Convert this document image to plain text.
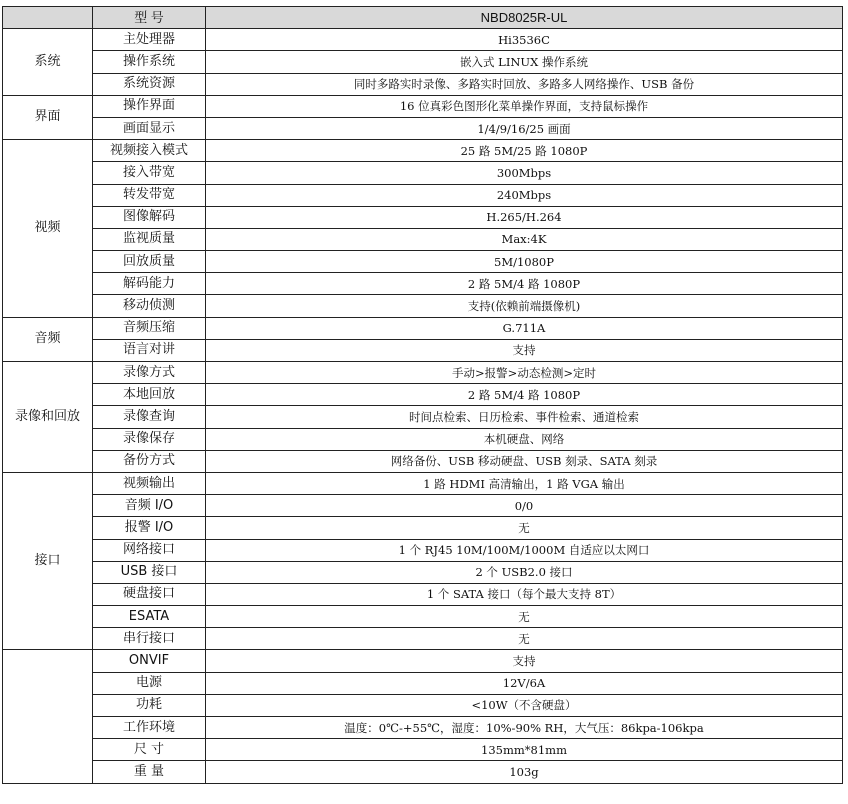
	型 号	NBD8025R-UL
系统	主处理器	Hi3536C
	操作系统	嵌入式 LINUX 操作系统
	系统资源	同时多路实时录像、多路实时回放、多路多人网络操作、USB 备份
界面	操作界面	16 位真彩色图形化菜单操作界面，支持鼠标操作
	画面显示	1/4/9/16/25 画面
视频	视频接入模式	25 路 5M/25 路 1080P
	接入带宽	300Mbps
	转发带宽	240Mbps
	图像解码	H.265/H.264
	监视质量	Max:4K
	回放质量	5M/1080P
	解码能力	2 路 5M/4 路 1080P
	移动侦测	支持(依赖前端摄像机)
音频	音频压缩	G.711A
	语言对讲	支持
录像和回放	录像方式	手动>报警>动态检测>定时
	本地回放	2 路 5M/4 路 1080P
	录像查询	时间点检索、日历检索、事件检索、通道检索
	录像保存	本机硬盘、网络
	备份方式	网络备份、USB 移动硬盘、USB 刻录、SATA 刻录
接口	视频输出	1 路 HDMI 高清输出，1 路 VGA 输出
	音频 I/O	0/0
	报警 I/O	无
	网络接口	1 个 RJ45 10M/100M/1000M 自适应以太网口
	USB 接口	2 个 USB2.0 接口
	硬盘接口	1 个 SATA 接口（每个最大支持 8T）
	ESATA	无
	串行接口	无
	ONVIF	支持
	电源	12V/6A
	功耗	<10W（不含硬盘）
	工作环境	温度：0℃-+55℃，湿度：10%-90% RH，大气压：86kpa-106kpa
	尺 寸	135mm*81mm
	重 量	103g
